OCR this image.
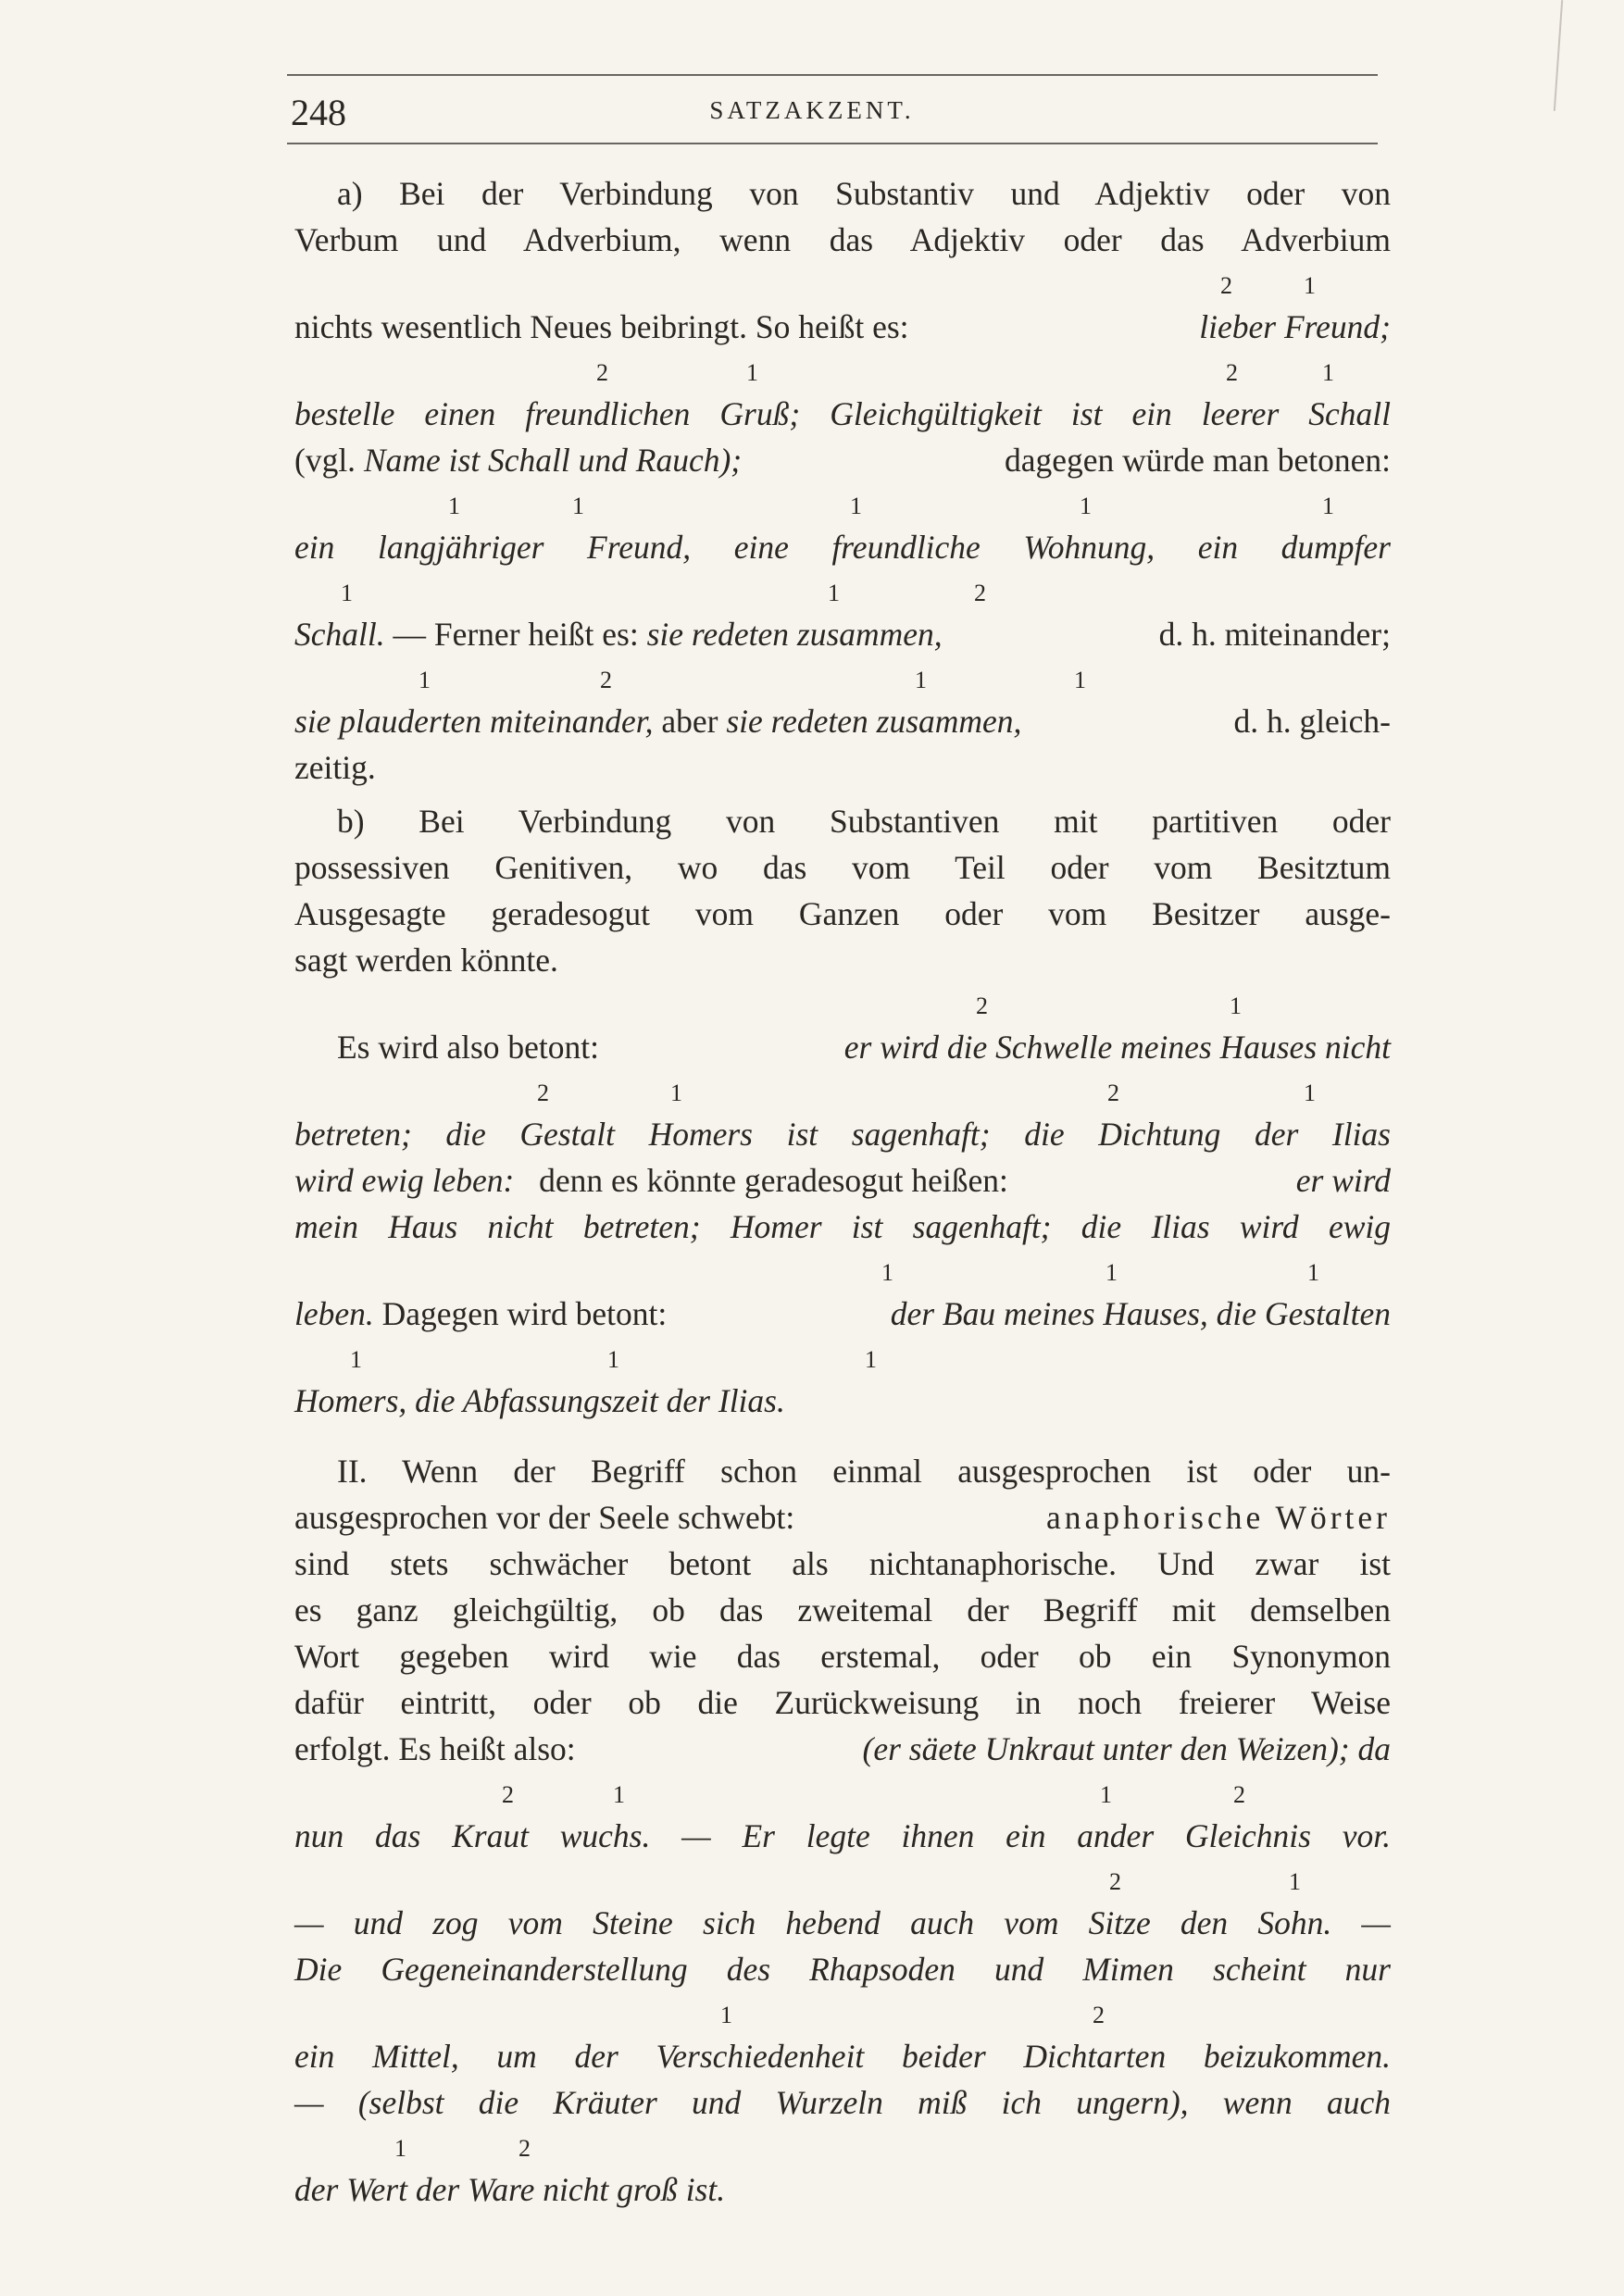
248	SATZAKZENT.
a) Bei der Verbindung von Substantiv und Adjektiv oder von
Verbum und Adverbium, wenn das Adjektiv oder das Adverbium
2	1
nichts wesentlich Neues beibringt. So heißt es:	lieber Freund;
2	1	2	1
bestelle einen freundlichen Gruß; Gleichgültigkeit ist ein leerer Schall
(vgl. Name ist Schall und Rauch);	dagegen würde man betonen:
1	1	1	1	1
ein langjähriger Freund, eine freundliche Wohnung, ein dumpfer
1	1	2
Schall. — Ferner heißt es: sie redeten zusammen,	d. h. miteinander;
1	2	1	1
sie plauderten miteinander, aber sie redeten zusammen,	d. h. gleich-
zeitig.
b) Bei Verbindung von Substantiven mit partitiven oder
possessiven Genitiven, wo das vom Teil oder vom Besitztum
Ausgesagte geradesogut vom Ganzen oder vom Besitzer ausge-
sagt werden könnte.
2	1
Es wird also betont:	er wird die Schwelle meines Hauses nicht
2	1	2	1
betreten; die Gestalt Homers ist sagenhaft; die Dichtung der Ilias
wird ewig leben: denn es könnte geradesogut heißen:	er wird
mein Haus nicht betreten; Homer ist sagenhaft; die Ilias wird ewig
1	1	1
leben. Dagegen wird betont:	der Bau meines Hauses, die Gestalten
1	1	1
Homers, die Abfassungszeit der Ilias.
II. Wenn der Begriff schon einmal ausgesprochen ist oder un-
ausgesprochen vor der Seele schwebt:	anaphorische Wörter
sind stets schwächer betont als nichtanaphorische. Und zwar ist
es ganz gleichgültig, ob das zweitemal der Begriff mit demselben
Wort gegeben wird wie das erstemal, oder ob ein Synonymon
dafür eintritt, oder ob die Zurückweisung in noch freierer Weise
erfolgt. Es heißt also:	(er säete Unkraut unter den Weizen); da
2	1	1	2
nun das Kraut wuchs. — Er legte ihnen ein ander Gleichnis vor.
2	1
— und zog vom Steine sich hebend auch vom Sitze den Sohn. —
Die Gegeneinanderstellung des Rhapsoden und Mimen scheint nur
1	2
ein Mittel, um der Verschiedenheit beider Dichtarten beizukommen.
— (selbst die Kräuter und Wurzeln miß ich ungern), wenn auch
1	2
der Wert der Ware nicht groß ist.
